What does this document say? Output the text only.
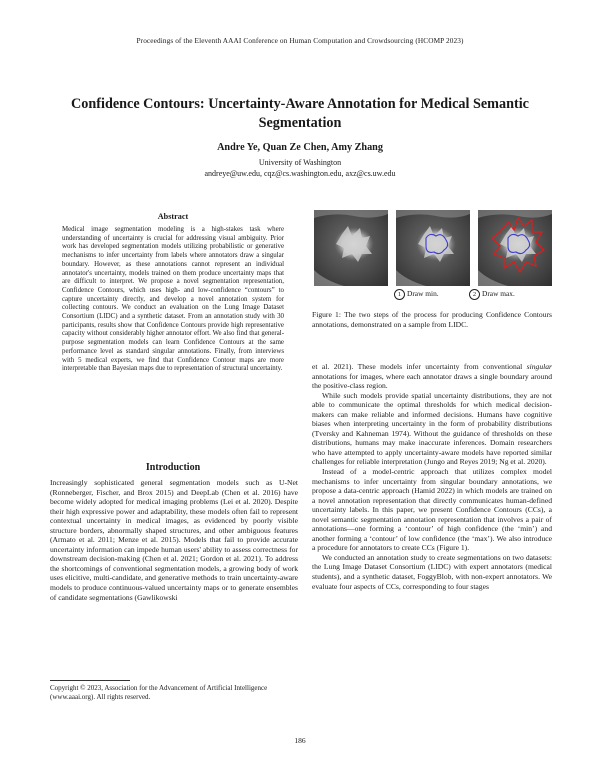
Proceedings of the Eleventh AAAI Conference on Human Computation and Crowdsourcing (HCOMP 2023)
Confidence Contours: Uncertainty-Aware Annotation for Medical Semantic Segmentation
Andre Ye, Quan Ze Chen, Amy Zhang
University of Washington
andreye@uw.edu, cqz@cs.washington.edu, axz@cs.uw.edu
Abstract
Medical image segmentation modeling is a high-stakes task where understanding of uncertainty is crucial for addressing visual ambiguity. Prior work has developed segmentation models utilizing probabilistic or generative mechanisms to infer uncertainty from labels where annotators draw a singular boundary. However, as these annotations cannot represent an individual annotator's uncertainty, models trained on them produce uncertainty maps that are difficult to interpret. We propose a novel segmentation representation, Confidence Contours, which uses high- and low-confidence “contours” to capture uncertainty directly, and develop a novel annotation system for collecting contours. We conduct an evaluation on the Lung Image Dataset Consortium (LIDC) and a synthetic dataset. From an annotation study with 30 participants, results show that Confidence Contours provide high representative capacity without considerably higher annotator effort. We also find that general-purpose segmentation models can learn Confidence Contours at the same performance level as standard singular annotations. Finally, from interviews with 5 medical experts, we find that Confidence Contour maps are more interpretable than Bayesian maps due to representation of structural uncertainty.
Introduction

Increasingly sophisticated general segmentation models such as U-Net (Ronneberger, Fischer, and Brox 2015) and DeepLab (Chen et al. 2016) have become widely adopted for medical imaging problems (Lei et al. 2020). Despite their high expressive power and adaptability, these models often fail to represent contextual uncertainty in medical images, as evidenced by poorly visible structure borders, abnormally shaped structures, and other ambiguous features (Armato et al. 2011; Menze et al. 2015). Models that fail to provide accurate uncertainty information can impede human users' ability to assess correctness for downstream decision-making (Chen et al. 2021; Gordon et al. 2021). To address the shortcomings of conventional segmentation models, a growing body of work uses elicitive, multi-candidate, and generative methods to train uncertainty-aware models to produce continuous-valued uncertainty maps or to generate ensembles of candidate segmentations (Gawlikowski

Copyright © 2023, Association for the Advancement of Artificial Intelligence (www.aaai.org). All rights reserved.
1 Draw min.	2 Draw max.
Figure 1: The two steps of the process for producing Confidence Contours annotations, demonstrated on a sample from LIDC.

et al. 2021). These models infer uncertainty from conventional singular annotations for images, where each annotator draws a single boundary around the positive-class region.

While such models provide spatial uncertainty distributions, they are not able to communicate the optimal thresholds for which medical decision-makers can make reliable and informed decisions. Humans have cognitive biases when interpreting uncertainty in the form of probability distributions (Tversky and Kahneman 1974). Without the guidance of thresholds on these distributions, humans may make inaccurate inferences. Domain researchers who have attempted to apply uncertainty-aware models have reported similar challenges for reliable interpretation (Jungo and Reyes 2019; Ng et al. 2020).

Instead of a model-centric approach that utilizes complex model mechanisms to infer uncertainty from singular boundary annotations, we propose a data-centric approach (Hamid 2022) in which models are trained on a novel annotation representation that directly communicates human-defined uncertainty labels. In this paper, we present Confidence Contours (CCs), a novel semantic segmentation annotation representation that involves a pair of annotations—one forming a ‘contour’ of high confidence (the ‘min’) and another forming a ‘contour’ of low confidence (the ‘max’). We also introduce a procedure for annotators to create CCs (Figure 1).

We conducted an annotation study to create segmentations on two datasets: the Lung Image Dataset Consortium (LIDC) with expert annotators (medical students), and a synthetic dataset, FoggyBlob, with non-expert annotators. We evaluate four aspects of CCs, corresponding to four stages

186
